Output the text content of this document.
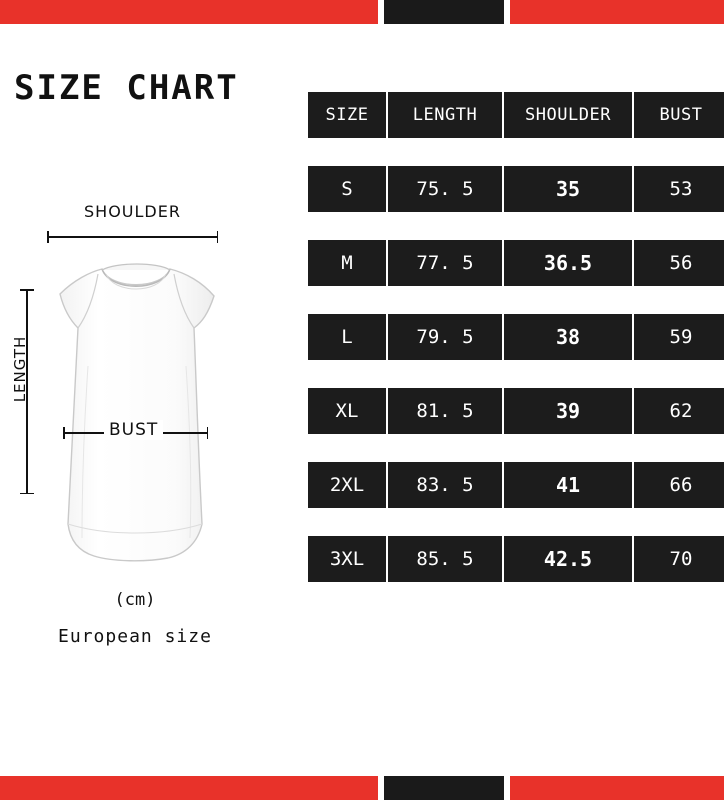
SIZE CHART
SHOULDER
LENGTH
BUST
(cm)
European size
SIZE	LENGTH	SHOULDER	BUST
S	75. 5	35	53
M	77. 5	36.5	56
L	79. 5	38	59
XL	81. 5	39	62
2XL	83. 5	41	66
3XL	85. 5	42.5	70
